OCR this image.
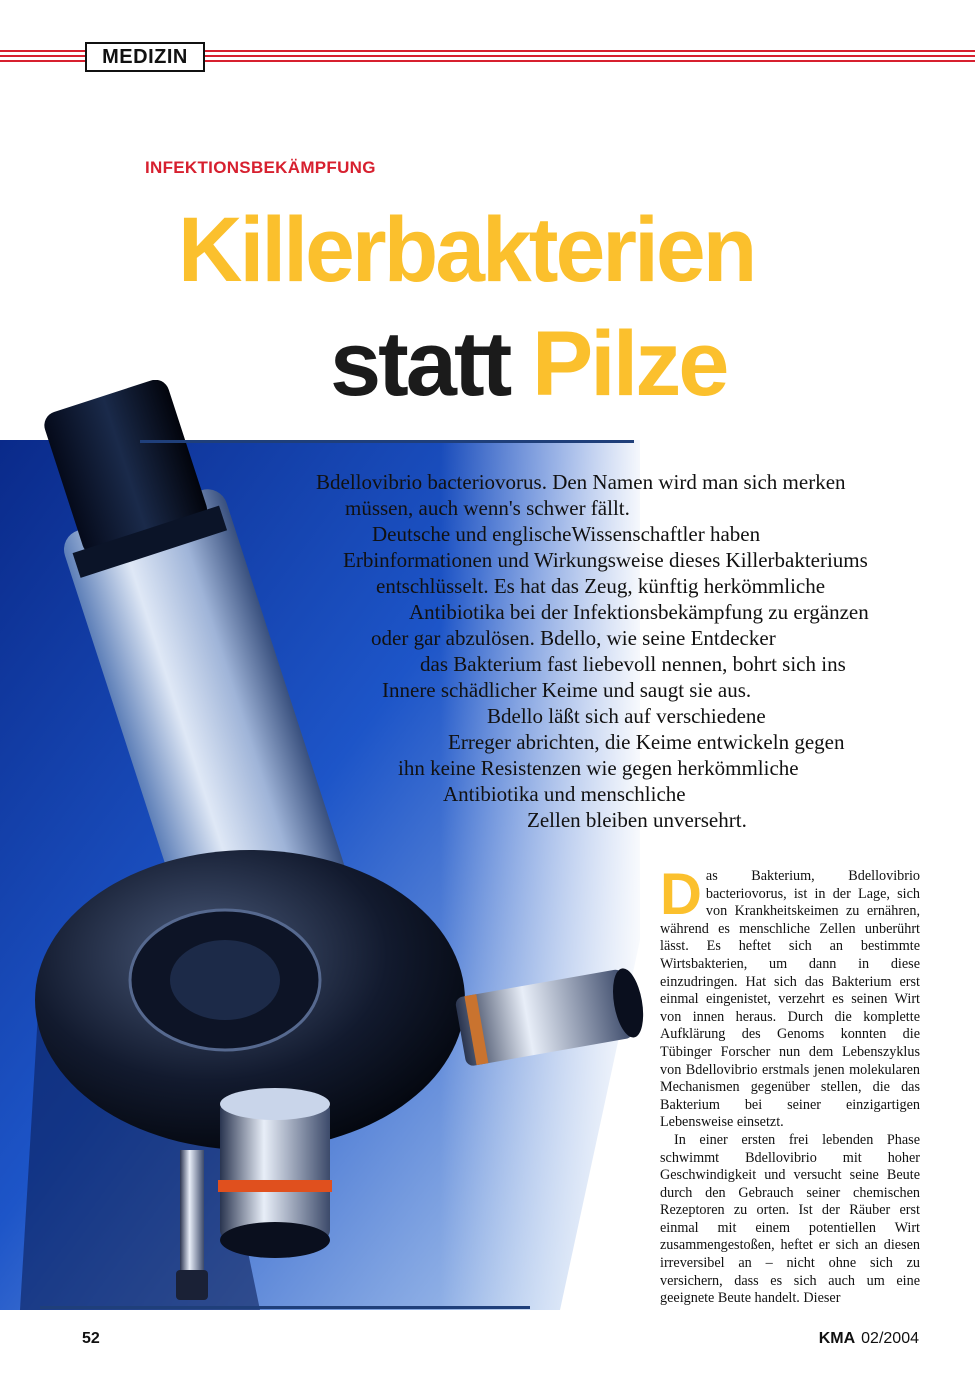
MEDIZIN
INFEKTIONSBEKÄMPFUNG
Killerbakterien
statt Pilze
Bdellovibrio bacteriovorus. Den Namen wird man sich merken
müssen, auch wenn's schwer fällt.
Deutsche und englischeWissenschaftler haben
Erbinformationen und Wirkungsweise dieses Killerbakteriums
entschlüsselt. Es hat das Zeug, künftig herkömmliche
Antibiotika bei der Infektionsbekämpfung zu ergänzen
oder gar abzulösen. Bdello, wie seine Entdecker
das Bakterium fast liebevoll nennen, bohrt sich ins
Innere schädlicher Keime und saugt sie aus.
Bdello läßt sich auf verschiedene
Erreger abrichten, die Keime entwickeln gegen
ihn keine Resistenzen wie gegen herkömmliche
Antibiotika und menschliche
Zellen bleiben unversehrt.

Das Bakterium, Bdellovibrio bacteriovorus, ist in der Lage, sich von Krankheitskeimen zu ernähren, während es menschliche Zellen unberührt lässt. Es heftet sich an bestimmte Wirtsbakterien, um dann in diese einzudringen. Hat sich das Bakterium erst einmal eingenistet, verzehrt es seinen Wirt von innen heraus. Durch die komplette Aufklärung des Genoms konnten die Tübinger Forscher nun dem Lebenszyklus von Bdellovibrio erstmals jenen molekularen Mechanismen gegenüber stellen, die das Bakterium bei seiner einzigartigen Lebensweise einsetzt.

In einer ersten frei lebenden Phase schwimmt Bdellovibrio mit hoher Geschwindigkeit und versucht seine Beute durch den Gebrauch seiner chemischen Rezeptoren zu orten. Ist der Räuber erst einmal mit einem potentiellen Wirt zusammengestoßen, heftet er sich an diesen irreversibel an – nicht ohne sich zu versichern, dass es sich auch um eine geeignete Beute handelt. Dieser

52	KMA 02/2004
